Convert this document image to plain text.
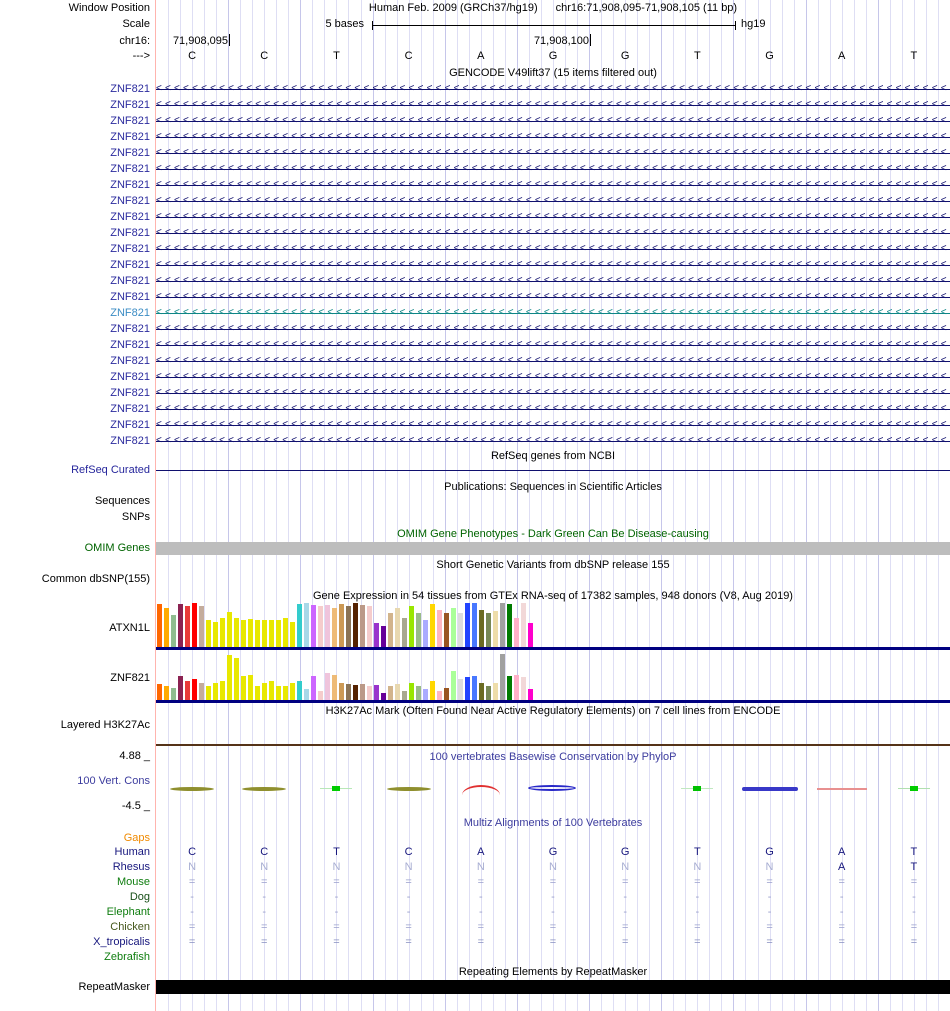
Window Position	Human Feb. 2009 (GRCh37/hg19) chr16:71,908,095-71,908,105 (11 bp)
Scale	5 bases	hg19
chr16: 71,908,095	71,908,100
--->	C	C	T	C	A	G	G	T	G	A	T
GENCODE V49lift37 (15 items filtered out)
ZNF821 <<<<<<<<<<<<<<<<<<<<<<<<<<<<<<<<<<<<<<<<<<<<<<<<<<<<<<<<<<<<<<<<<<<<<<<<<<<<<<<<<<<<<<<<
ZNF821 <<<<<<<<<<<<<<<<<<<<<<<<<<<<<<<<<<<<<<<<<<<<<<<<<<<<<<<<<<<<<<<<<<<<<<<<<<<<<<<<<<<<<<<<
ZNF821 <<<<<<<<<<<<<<<<<<<<<<<<<<<<<<<<<<<<<<<<<<<<<<<<<<<<<<<<<<<<<<<<<<<<<<<<<<<<<<<<<<<<<<<<
ZNF821 <<<<<<<<<<<<<<<<<<<<<<<<<<<<<<<<<<<<<<<<<<<<<<<<<<<<<<<<<<<<<<<<<<<<<<<<<<<<<<<<<<<<<<<<
ZNF821 <<<<<<<<<<<<<<<<<<<<<<<<<<<<<<<<<<<<<<<<<<<<<<<<<<<<<<<<<<<<<<<<<<<<<<<<<<<<<<<<<<<<<<<<
ZNF821 <<<<<<<<<<<<<<<<<<<<<<<<<<<<<<<<<<<<<<<<<<<<<<<<<<<<<<<<<<<<<<<<<<<<<<<<<<<<<<<<<<<<<<<<
ZNF821 <<<<<<<<<<<<<<<<<<<<<<<<<<<<<<<<<<<<<<<<<<<<<<<<<<<<<<<<<<<<<<<<<<<<<<<<<<<<<<<<<<<<<<<<
ZNF821 <<<<<<<<<<<<<<<<<<<<<<<<<<<<<<<<<<<<<<<<<<<<<<<<<<<<<<<<<<<<<<<<<<<<<<<<<<<<<<<<<<<<<<<<
ZNF821 <<<<<<<<<<<<<<<<<<<<<<<<<<<<<<<<<<<<<<<<<<<<<<<<<<<<<<<<<<<<<<<<<<<<<<<<<<<<<<<<<<<<<<<<
ZNF821 <<<<<<<<<<<<<<<<<<<<<<<<<<<<<<<<<<<<<<<<<<<<<<<<<<<<<<<<<<<<<<<<<<<<<<<<<<<<<<<<<<<<<<<<
ZNF821 <<<<<<<<<<<<<<<<<<<<<<<<<<<<<<<<<<<<<<<<<<<<<<<<<<<<<<<<<<<<<<<<<<<<<<<<<<<<<<<<<<<<<<<<
ZNF821 <<<<<<<<<<<<<<<<<<<<<<<<<<<<<<<<<<<<<<<<<<<<<<<<<<<<<<<<<<<<<<<<<<<<<<<<<<<<<<<<<<<<<<<<
ZNF821 <<<<<<<<<<<<<<<<<<<<<<<<<<<<<<<<<<<<<<<<<<<<<<<<<<<<<<<<<<<<<<<<<<<<<<<<<<<<<<<<<<<<<<<<
ZNF821 <<<<<<<<<<<<<<<<<<<<<<<<<<<<<<<<<<<<<<<<<<<<<<<<<<<<<<<<<<<<<<<<<<<<<<<<<<<<<<<<<<<<<<<<
ZNF821 <<<<<<<<<<<<<<<<<<<<<<<<<<<<<<<<<<<<<<<<<<<<<<<<<<<<<<<<<<<<<<<<<<<<<<<<<<<<<<<<<<<<<<<<
ZNF821 <<<<<<<<<<<<<<<<<<<<<<<<<<<<<<<<<<<<<<<<<<<<<<<<<<<<<<<<<<<<<<<<<<<<<<<<<<<<<<<<<<<<<<<<
ZNF821 <<<<<<<<<<<<<<<<<<<<<<<<<<<<<<<<<<<<<<<<<<<<<<<<<<<<<<<<<<<<<<<<<<<<<<<<<<<<<<<<<<<<<<<<
ZNF821 <<<<<<<<<<<<<<<<<<<<<<<<<<<<<<<<<<<<<<<<<<<<<<<<<<<<<<<<<<<<<<<<<<<<<<<<<<<<<<<<<<<<<<<<
ZNF821 <<<<<<<<<<<<<<<<<<<<<<<<<<<<<<<<<<<<<<<<<<<<<<<<<<<<<<<<<<<<<<<<<<<<<<<<<<<<<<<<<<<<<<<<
ZNF821 <<<<<<<<<<<<<<<<<<<<<<<<<<<<<<<<<<<<<<<<<<<<<<<<<<<<<<<<<<<<<<<<<<<<<<<<<<<<<<<<<<<<<<<<
ZNF821 <<<<<<<<<<<<<<<<<<<<<<<<<<<<<<<<<<<<<<<<<<<<<<<<<<<<<<<<<<<<<<<<<<<<<<<<<<<<<<<<<<<<<<<<
ZNF821 <<<<<<<<<<<<<<<<<<<<<<<<<<<<<<<<<<<<<<<<<<<<<<<<<<<<<<<<<<<<<<<<<<<<<<<<<<<<<<<<<<<<<<<<
ZNF821 <<<<<<<<<<<<<<<<<<<<<<<<<<<<<<<<<<<<<<<<<<<<<<<<<<<<<<<<<<<<<<<<<<<<<<<<<<<<<<<<<<<<<<<<
RefSeq genes from NCBI
RefSeq Curated
Publications: Sequences in Scientific Articles
Sequences
SNPs
OMIM Gene Phenotypes - Dark Green Can Be Disease-causing
OMIM Genes
Short Genetic Variants from dbSNP release 155
Common dbSNP(155)
Gene Expression in 54 tissues from GTEx RNA-seq of 17382 samples, 948 donors (V8, Aug 2019)
ATXN1L
ZNF821
H3K27Ac Mark (Often Found Near Active Regulatory Elements) on 7 cell lines from ENCODE
Layered H3K27Ac
4.88 _	100 vertebrates Basewise Conservation by PhyloP
100 Vert. Cons
-4.5 _
Multiz Alignments of 100 Vertebrates
Gaps
Human	C	C	T	C	A	G	G	T	G	A	T
Rhesus	N	N	N	N	N	N	N	N	N	A	T
Mouse	=	=	=	=	=	=	=	=	=	=	=
Dog	-	-	-	-	-	-	-	-	-	-	-
Elephant	-	-	-	-	-	-	-	-	-	-	-
Chicken	=	=	=	=	=	=	=	=	=	=	=
X_tropicalis	=	=	=	=	=	=	=	=	=	=	=
Zebrafish
Repeating Elements by RepeatMasker
RepeatMasker
